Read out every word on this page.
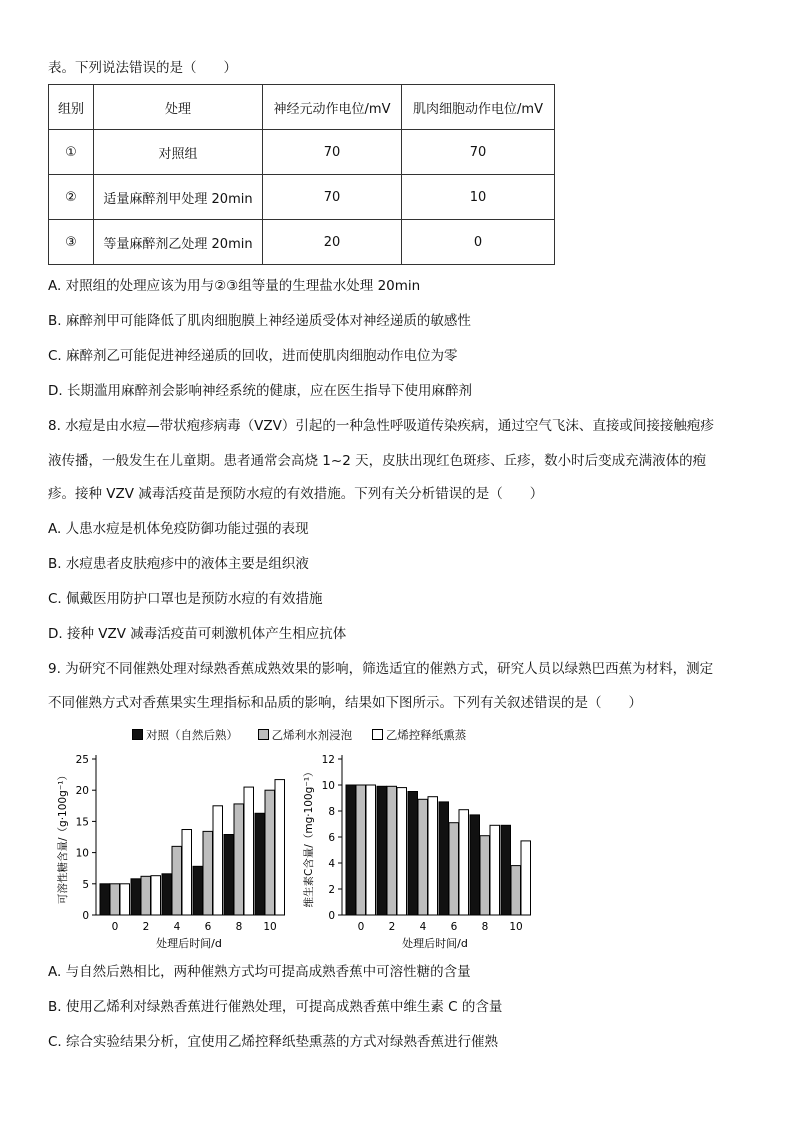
表。下列说法错误的是（　　）
组别	处理	神经元动作电位/mV	肌肉细胞动作电位/mV
①	对照组	70	70
②	适量麻醉剂甲处理 20min	70	10
③	等量麻醉剂乙处理 20min	20	0
A. 对照组的处理应该为用与②③组等量的生理盐水处理 20min
B. 麻醉剂甲可能降低了肌肉细胞膜上神经递质受体对神经递质的敏感性
C. 麻醉剂乙可能促进神经递质的回收，进而使肌肉细胞动作电位为零
D. 长期滥用麻醉剂会影响神经系统的健康，应在医生指导下使用麻醉剂
8. 水痘是由水痘—带状疱疹病毒（VZV）引起的一种急性呼吸道传染疾病，通过空气飞沫、直接或间接接触疱疹
液传播，一般发生在儿童期。患者通常会高烧 1~2 天，皮肤出现红色斑疹、丘疹，数小时后变成充满液体的疱
疹。接种 VZV 减毒活疫苗是预防水痘的有效措施。下列有关分析错误的是（　　）
A. 人患水痘是机体免疫防御功能过强的表现
B. 水痘患者皮肤疱疹中的液体主要是组织液
C. 佩戴医用防护口罩也是预防水痘的有效措施
D. 接种 VZV 减毒活疫苗可刺激机体产生相应抗体
9. 为研究不同催熟处理对绿熟香蕉成熟效果的影响，筛选适宜的催熟方式，研究人员以绿熟巴西蕉为材料，测定
不同催熟方式对香蕉果实生理指标和品质的影响，结果如下图所示。下列有关叙述错误的是（　　）
对照（自然后熟）	乙烯利水剂浸泡	乙烯控释纸熏蒸
0
5
10
15
20
25
0 2 4 6 8 10
处理后时间/d
可溶性糖含量/（g·100g⁻¹）
0
2
4
6
8
10
12
0 2 4 6 8 10
处理后时间/d
维生素C含量/（mg·100g⁻¹）
A. 与自然后熟相比，两种催熟方式均可提高成熟香蕉中可溶性糖的含量
B. 使用乙烯利对绿熟香蕉进行催熟处理，可提高成熟香蕉中维生素 C 的含量
C. 综合实验结果分析，宜使用乙烯控释纸垫熏蒸的方式对绿熟香蕉进行催熟
